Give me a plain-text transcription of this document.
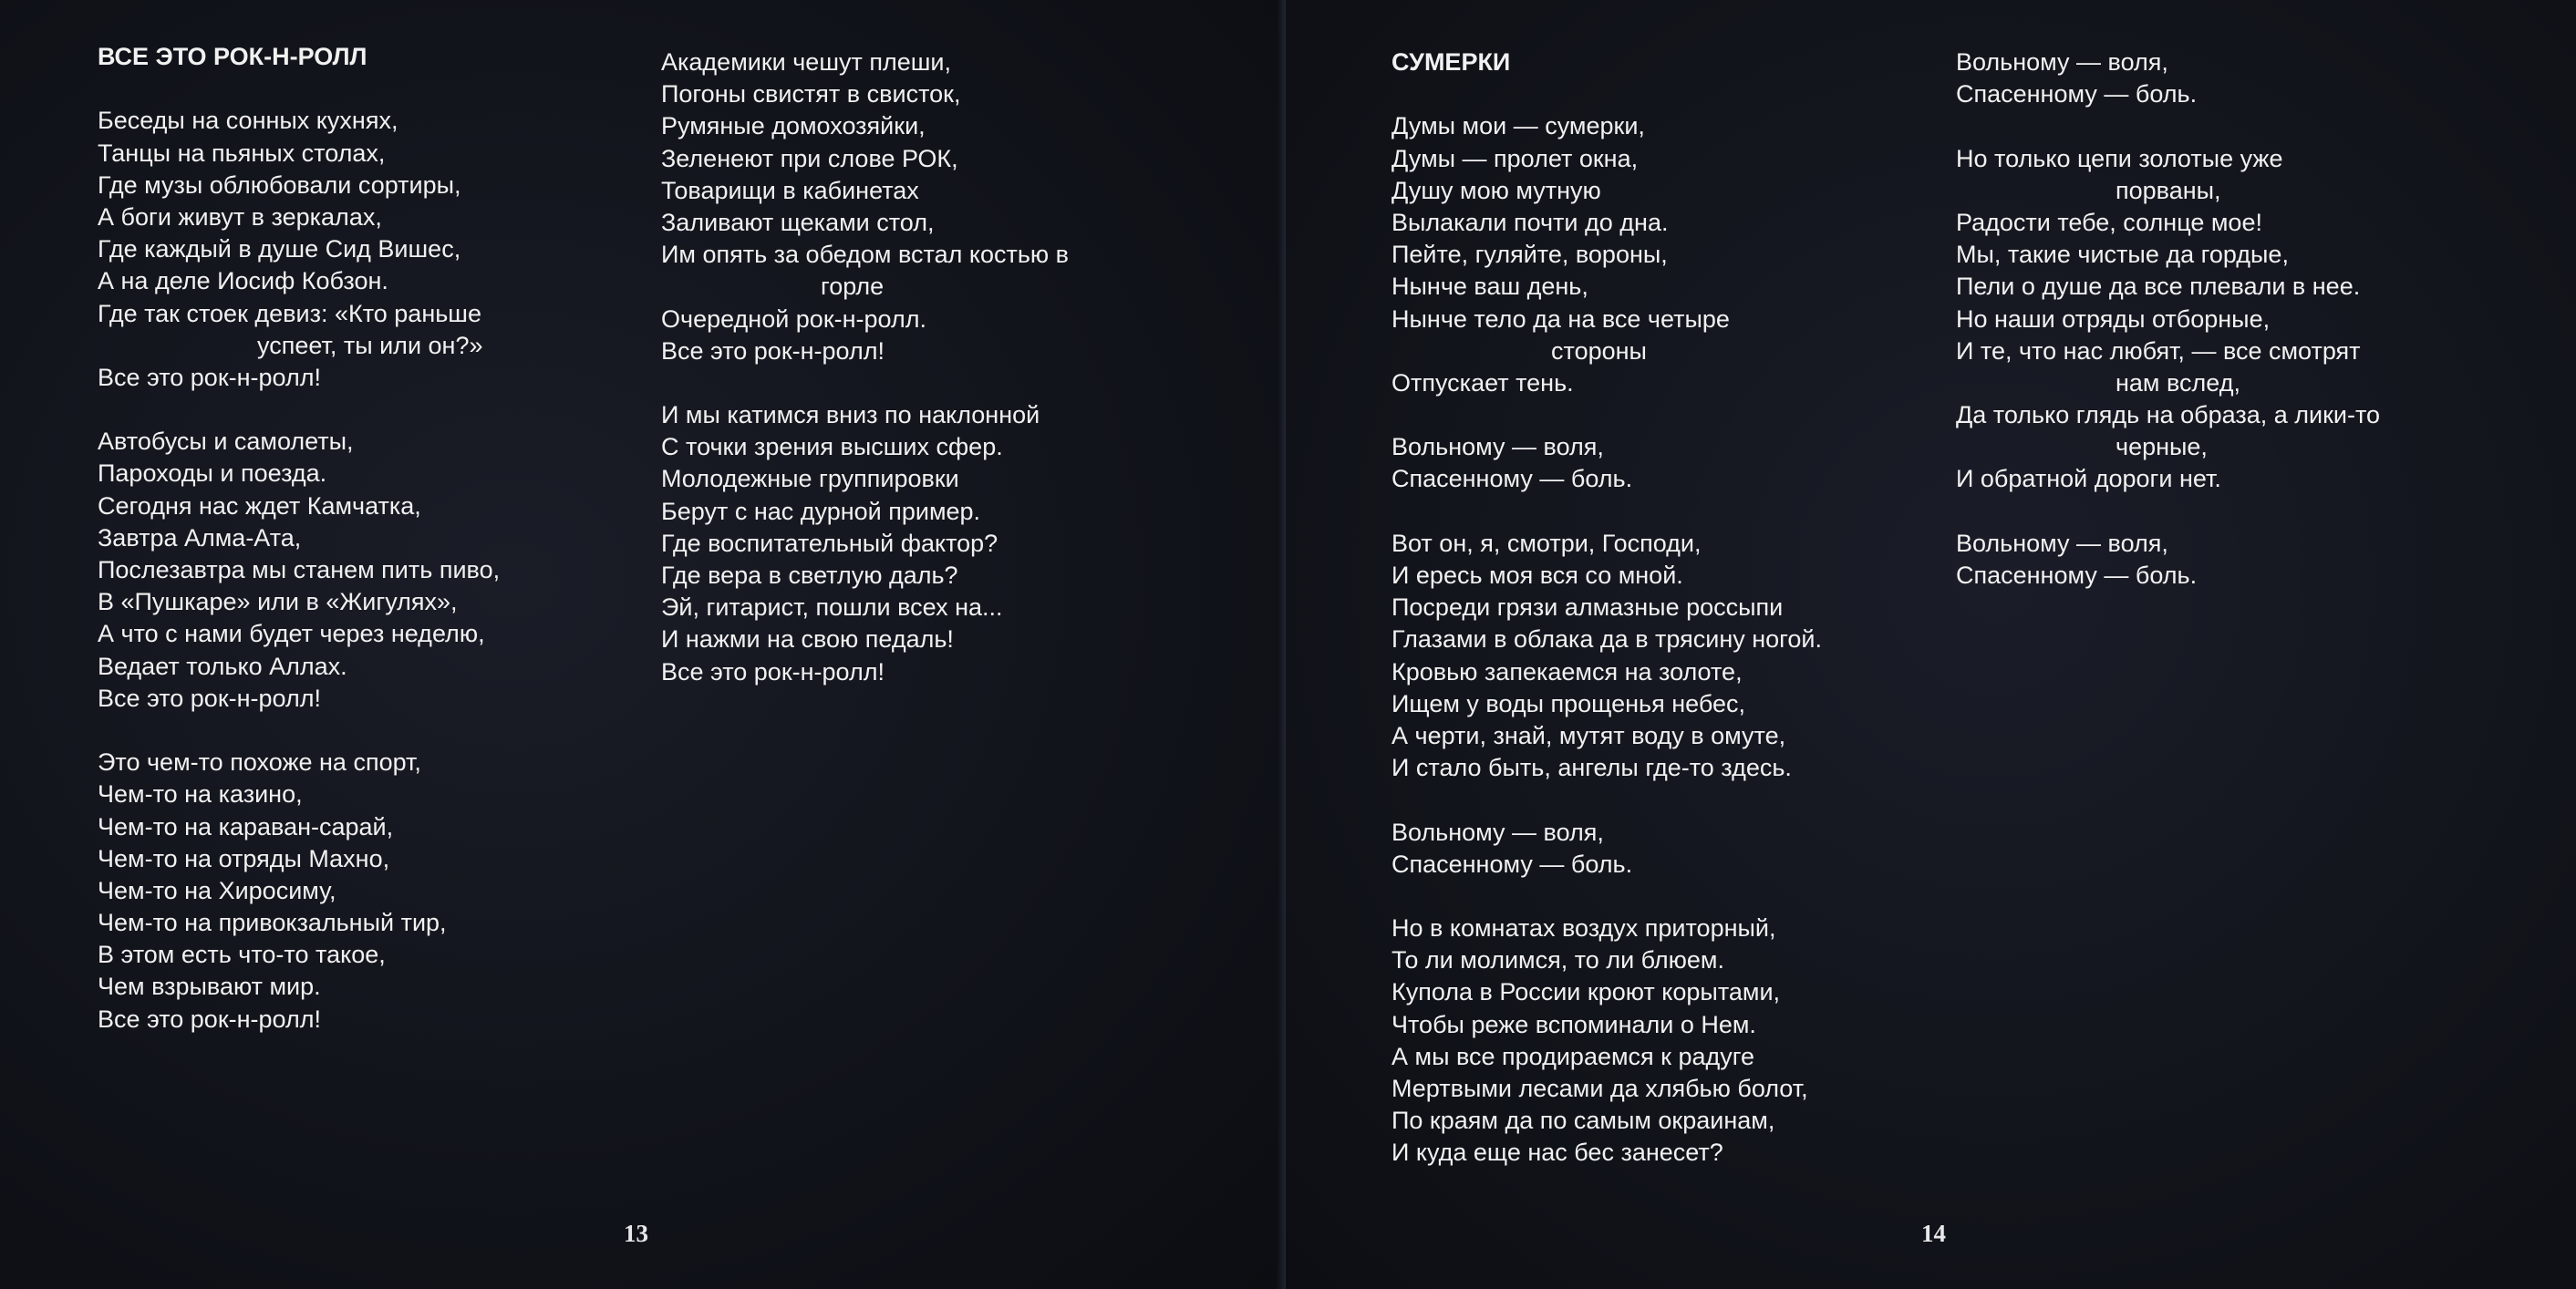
ВСЕ ЭТО РОК-Н-РОЛЛ
Беседы на сонных кухнях,
Танцы на пьяных столах,
Где музы облюбовали сортиры,
А боги живут в зеркалах,
Где каждый в душе Сид Вишес,
А на деле Иосиф Кобзон.
Где так стоек девиз: «Кто раньше
успеет, ты или он?»
Все это рок-н-ролл!
Автобусы и самолеты,
Пароходы и поезда.
Сегодня нас ждет Камчатка,
Завтра Алма-Ата,
Послезавтра мы станем пить пиво,
В «Пушкаре» или в «Жигулях»,
А что с нами будет через неделю,
Ведает только Аллах.
Все это рок-н-ролл!
Это чем-то похоже на спорт,
Чем-то на казино,
Чем-то на караван-сарай,
Чем-то на отряды Махно,
Чем-то на Хиросиму,
Чем-то на привокзальный тир,
В этом есть что-то такое,
Чем взрывают мир.
Все это рок-н-ролл!
Академики чешут плеши,
Погоны свистят в свисток,
Румяные домохозяйки,
Зеленеют при слове РОК,
Товарищи в кабинетах
Заливают щеками стол,
Им опять за обедом встал костью в
горле
Очередной рок-н-ролл.
Все это рок-н-ролл!
И мы катимся вниз по наклонной
С точки зрения высших сфер.
Молодежные группировки
Берут с нас дурной пример.
Где воспитательный фактор?
Где вера в светлую даль?
Эй, гитарист, пошли всех на...
И нажми на свою педаль!
Все это рок-н-ролл!
13
СУМЕРКИ
Думы мои — сумерки,
Думы — пролет окна,
Душу мою мутную
Вылакали почти до дна.
Пейте, гуляйте, вороны,
Нынче ваш день,
Нынче тело да на все четыре
стороны
Отпускает тень.
Вольному — воля,
Спасенному — боль.
Вот он, я, смотри, Господи,
И ересь моя вся со мной.
Посреди грязи алмазные россыпи
Глазами в облака да в трясину ногой.
Кровью запекаемся на золоте,
Ищем у воды прощенья небес,
А черти, знай, мутят воду в омуте,
И стало быть, ангелы где-то здесь.
Вольному — воля,
Спасенному — боль.
Но в комнатах воздух приторный,
То ли молимся, то ли блюем.
Купола в России кроют корытами,
Чтобы реже вспоминали о Нем.
А мы все продираемся к радуге
Мертвыми лесами да хлябью болот,
По краям да по самым окраинам,
И куда еще нас бес занесет?
Вольному — воля,
Спасенному — боль.
Но только цепи золотые уже
порваны,
Радости тебе, солнце мое!
Мы, такие чистые да гордые,
Пели о душе да все плевали в нее.
Но наши отряды отборные,
И те, что нас любят, — все смотрят
нам вслед,
Да только глядь на образа, а лики-то
черные,
И обратной дороги нет.
Вольному — воля,
Спасенному — боль.
14
